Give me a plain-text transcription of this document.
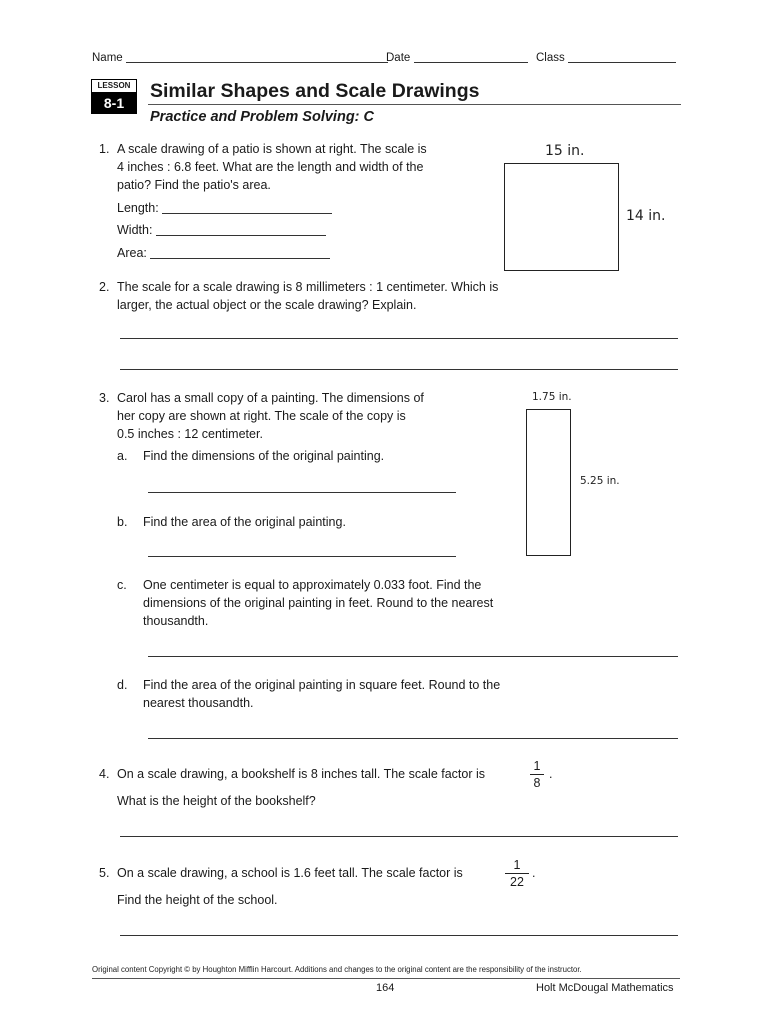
Name	Date	Class
LESSON
8-1
Similar Shapes and Scale Drawings
Practice and Problem Solving: C
1. A scale drawing of a patio is shown at right. The scale is
4 inches : 6.8 feet. What are the length and width of the
patio? Find the patio's area.
Length:
Width:
Area:
15 in.
14 in.
2. The scale for a scale drawing is 8 millimeters : 1 centimeter. Which is
larger, the actual object or the scale drawing? Explain.
3. Carol has a small copy of a painting. The dimensions of
her copy are shown at right. The scale of the copy is
0.5 inches : 12 centimeter.
1.75 in.
5.25 in.
a. Find the dimensions of the original painting.
b. Find the area of the original painting.
c. One centimeter is equal to approximately 0.033 foot. Find the
dimensions of the original painting in feet. Round to the nearest
thousandth.
d. Find the area of the original painting in square feet. Round to the
nearest thousandth.
4. On a scale drawing, a bookshelf is 8 inches tall. The scale factor is
1
8
.
What is the height of the bookshelf?
5. On a scale drawing, a school is 1.6 feet tall. The scale factor is
1
22
.
Find the height of the school.
Original content Copyright © by Houghton Mifflin Harcourt. Additions and changes to the original content are the responsibility of the instructor.
164	Holt McDougal Mathematics
